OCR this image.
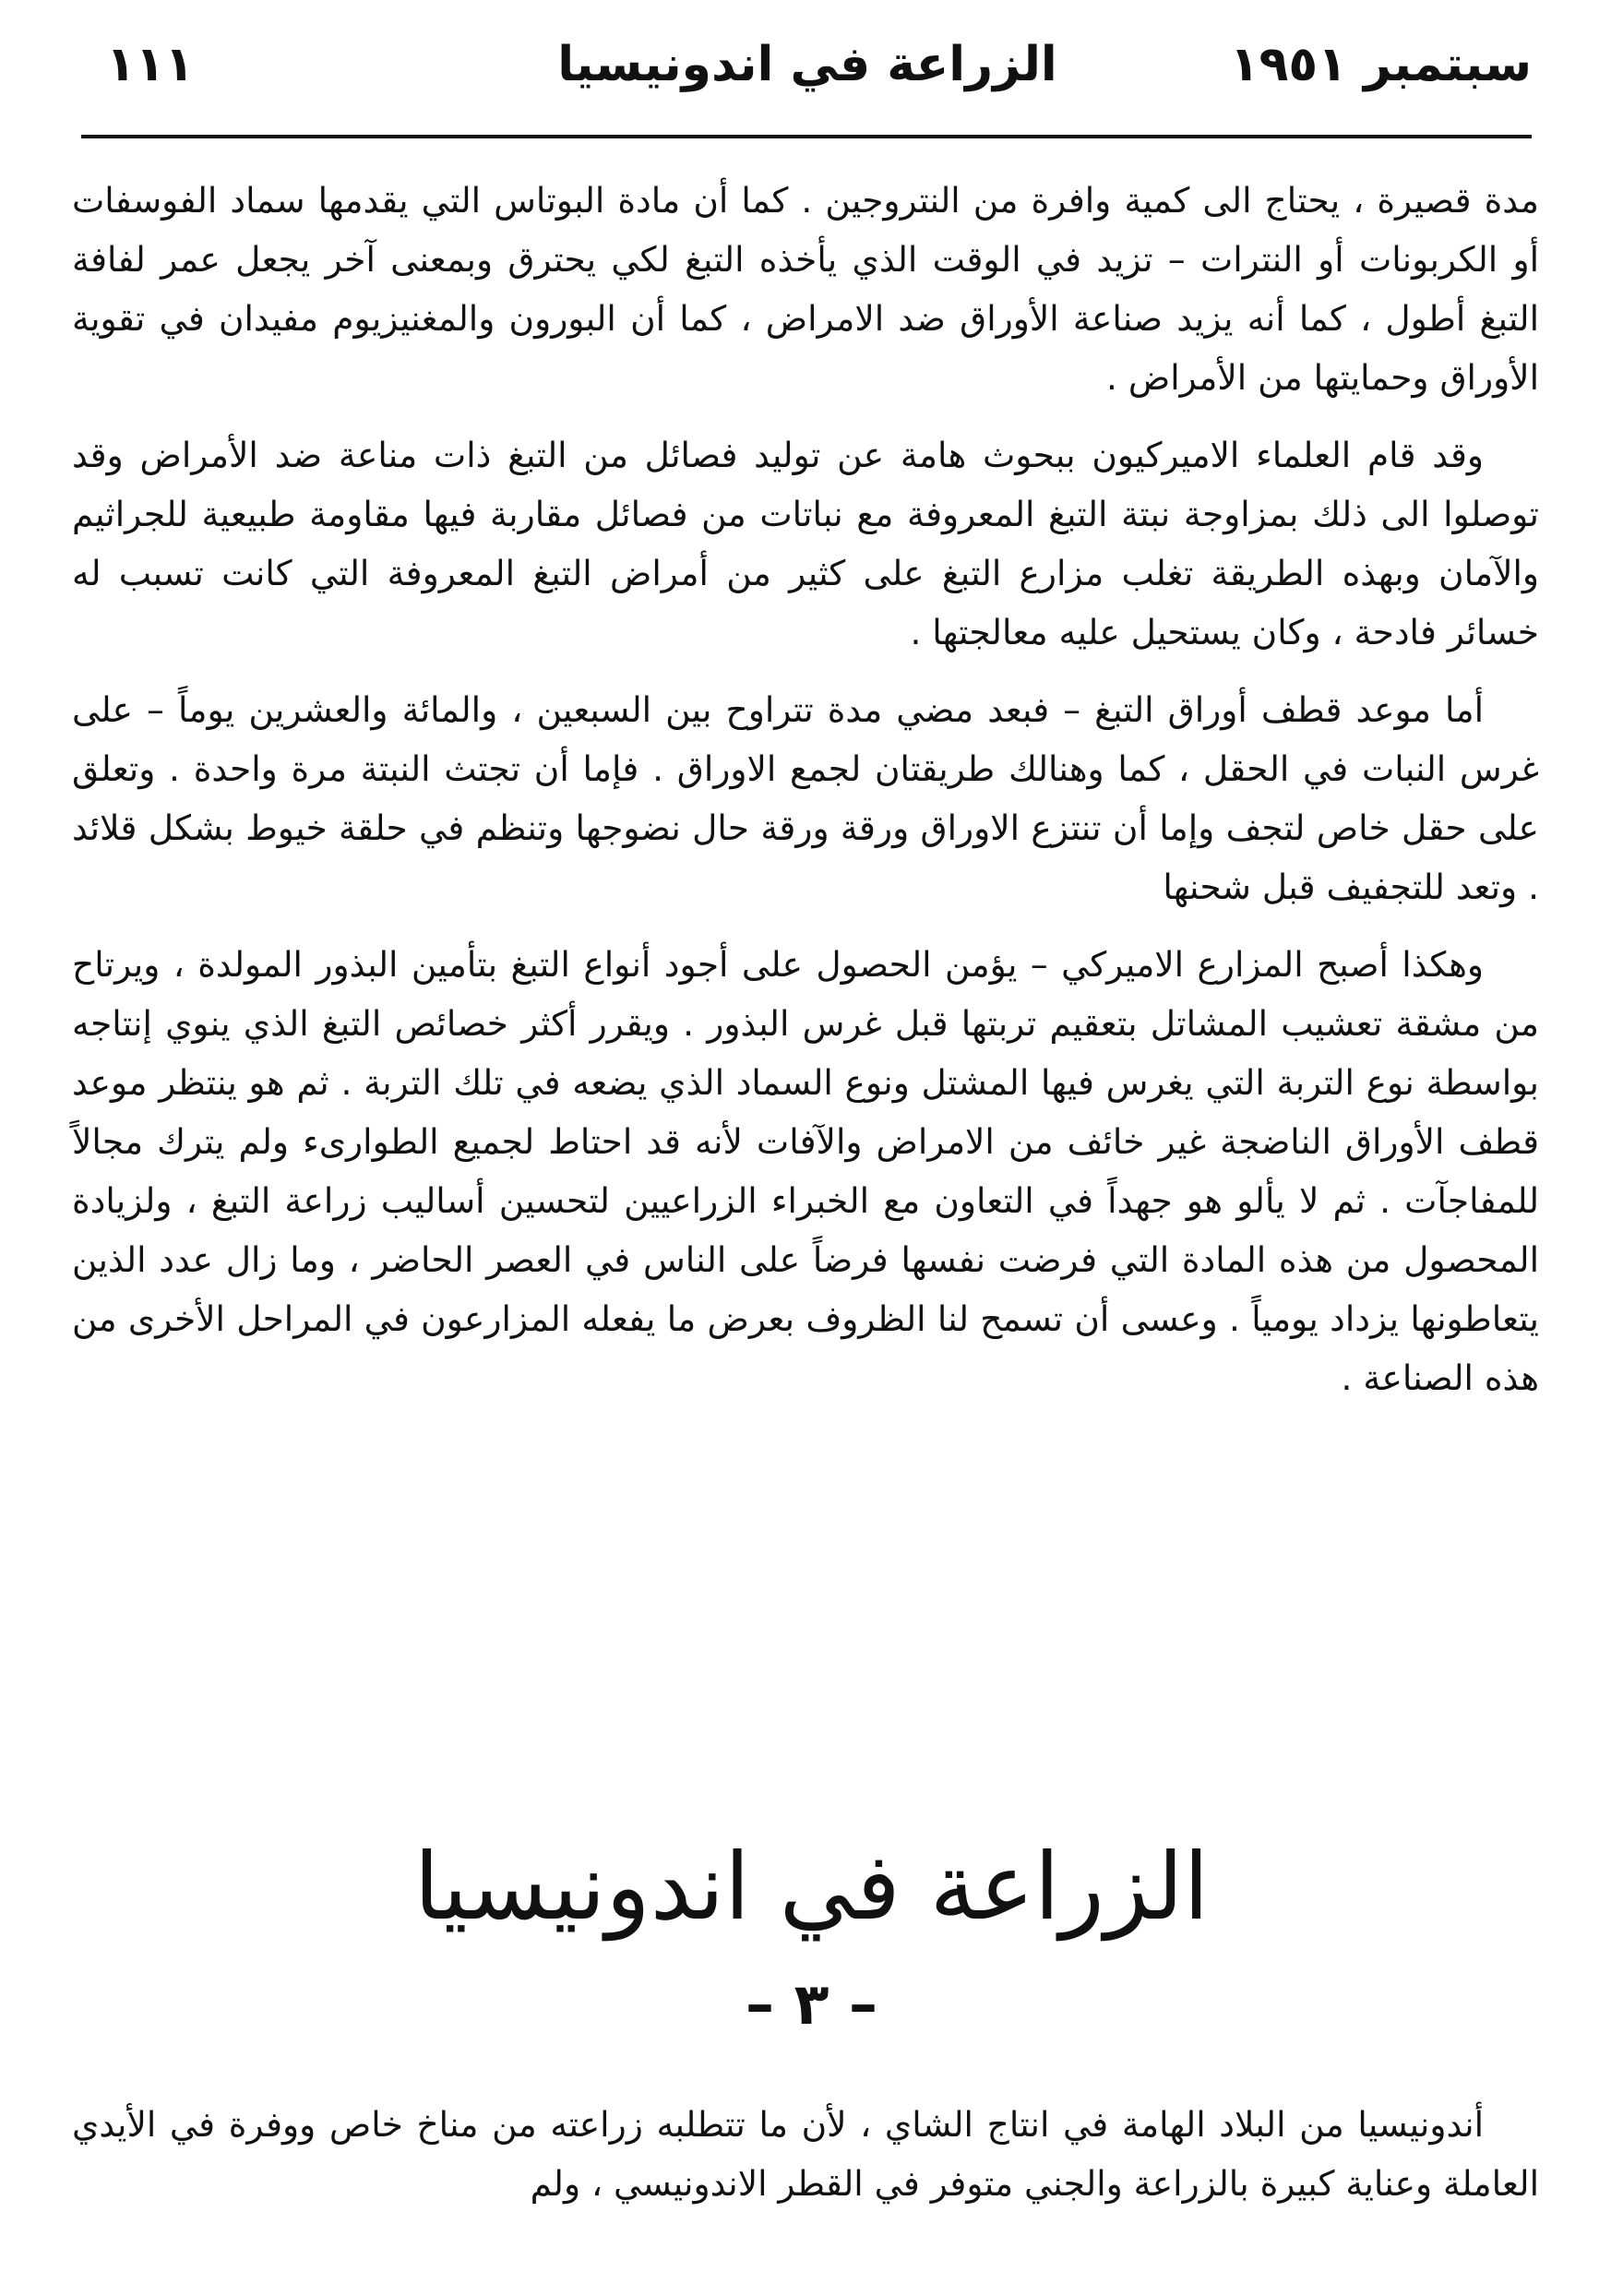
سبتمبر ١٩٥١
الزراعة في اندونيسيا
١١١

مدة قصيرة ، يحتاج الى كمية وافرة من النتروجين . كما أن مادة البوتاس التي يقدمها سماد الفوسفات أو الكربونات أو النترات – تزيد في الوقت الذي يأخذه التبغ لكي يحترق وبمعنى آخر يجعل عمر لفافة التبغ أطول ، كما أنه يزيد صناعة الأوراق ضد الامراض ، كما أن البورون والمغنيزيوم مفيدان في تقوية الأوراق وحمايتها من الأمراض .

وقد قام العلماء الاميركيون ببحوث هامة عن توليد فصائل من التبغ ذات مناعة ضد الأمراض وقد توصلوا الى ذلك بمزاوجة نبتة التبغ المعروفة مع نباتات من فصائل مقاربة فيها مقاومة طبيعية للجراثيم والآمان وبهذه الطريقة تغلب مزارع التبغ على كثير من أمراض التبغ المعروفة التي كانت تسبب له خسائر فادحة ، وكان يستحيل عليه معالجتها .

أما موعد قطف أوراق التبغ – فبعد مضي مدة تتراوح بين السبعين ، والمائة والعشرين يوماً – على غرس النبات في الحقل ، كما وهنالك طريقتان لجمع الاوراق . فإما أن تجتث النبتة مرة واحدة . وتعلق على حقل خاص لتجف وإما أن تنتزع الاوراق ورقة ورقة حال نضوجها وتنظم في حلقة خيوط بشكل قلائد . وتعد للتجفيف قبل شحنها

وهكذا أصبح المزارع الاميركي – يؤمن الحصول على أجود أنواع التبغ بتأمين البذور المولدة ، ويرتاح من مشقة تعشيب المشاتل بتعقيم تربتها قبل غرس البذور . ويقرر أكثر خصائص التبغ الذي ينوي إنتاجه بواسطة نوع التربة التي يغرس فيها المشتل ونوع السماد الذي يضعه في تلك التربة . ثم هو ينتظر موعد قطف الأوراق الناضجة غير خائف من الامراض والآفات لأنه قد احتاط لجميع الطوارىء ولم يترك مجالاً للمفاجآت . ثم لا يألو هو جهداً في التعاون مع الخبراء الزراعيين لتحسين أساليب زراعة التبغ ، ولزيادة المحصول من هذه المادة التي فرضت نفسها فرضاً على الناس في العصر الحاضر ، وما زال عدد الذين يتعاطونها يزداد يومياً . وعسى أن تسمح لنا الظروف بعرض ما يفعله المزارعون في المراحل الأخرى من هذه الصناعة .

الزراعة في اندونيسيا
– ٣ –

أندونيسيا من البلاد الهامة في انتاج الشاي ، لأن ما تتطلبه زراعته من مناخ خاص ووفرة في الأيدي العاملة وعناية كبيرة بالزراعة والجني متوفر في القطر الاندونيسي ، ولم
